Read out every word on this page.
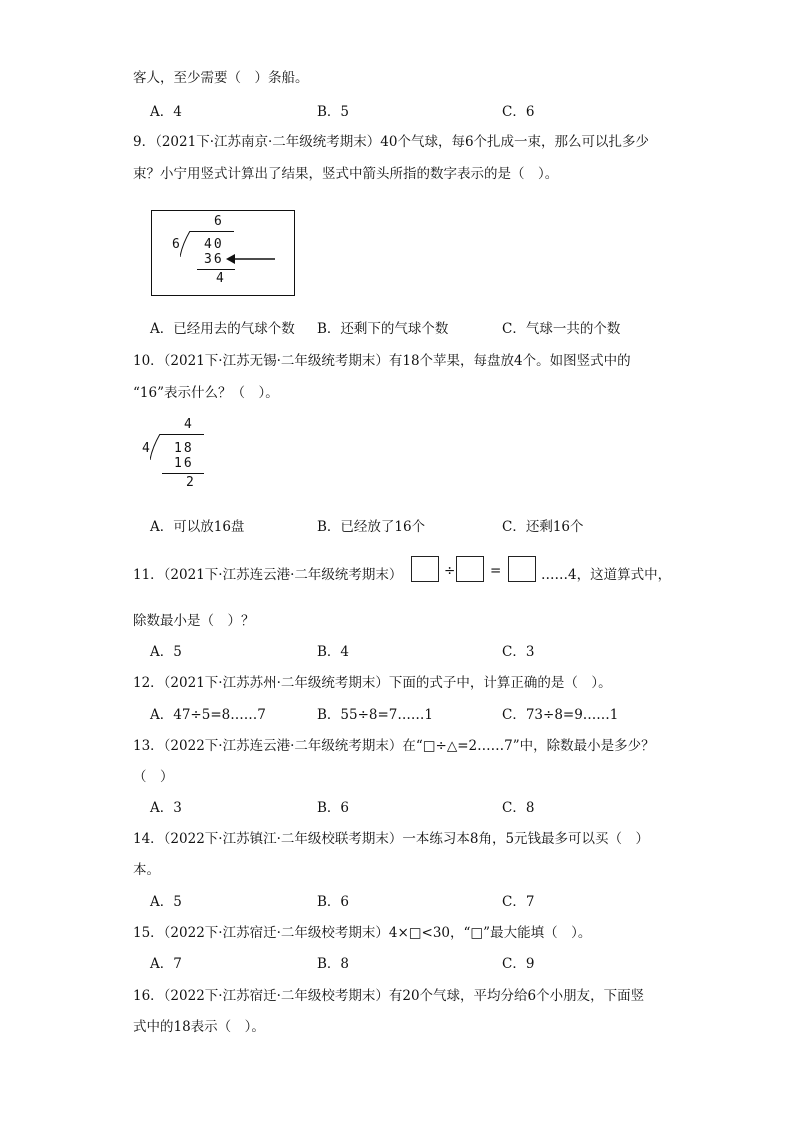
客人，至少需要（　）条船。
A．4	B．5	C．6
9．（2021下·江苏南京·二年级统考期末）40个气球，每6个扎成一束，那么可以扎多少
束？小宁用竖式计算出了结果，竖式中箭头所指的数字表示的是（　）。
6
6 40
36
4
A．已经用去的气球个数 B．还剩下的气球个数	C．气球一共的个数
10．（2021下·江苏无锡·二年级统考期末）有18个苹果，每盘放4个。如图竖式中的
“16”表示什么？（　）。
4
4 18
16
2
A．可以放16盘	B．已经放了16个	C．还剩16个
11．（2021下·江苏连云港·二年级统考期末）	÷	=	……4，这道算式中，
除数最小是（　）？
A．5	B．4	C．3
12．（2021下·江苏苏州·二年级统考期末）下面的式子中，计算正确的是（　）。
A．47÷5=8……7	B．55÷8=7……1	C．73÷8=9……1
13．（2022下·江苏连云港·二年级统考期末）在“□÷△=2……7”中，除数最小是多少？
（　）
A．3	B．6	C．8
14．（2022下·江苏镇江·二年级校联考期末）一本练习本8角，5元钱最多可以买（　）
本。
A．5	B．6	C．7
15．（2022下·江苏宿迁·二年级校考期末）4×□<30，“□”最大能填（　）。
A．7	B．8	C．9
16．（2022下·江苏宿迁·二年级校考期末）有20个气球，平均分给6个小朋友，下面竖
式中的18表示（　）。
